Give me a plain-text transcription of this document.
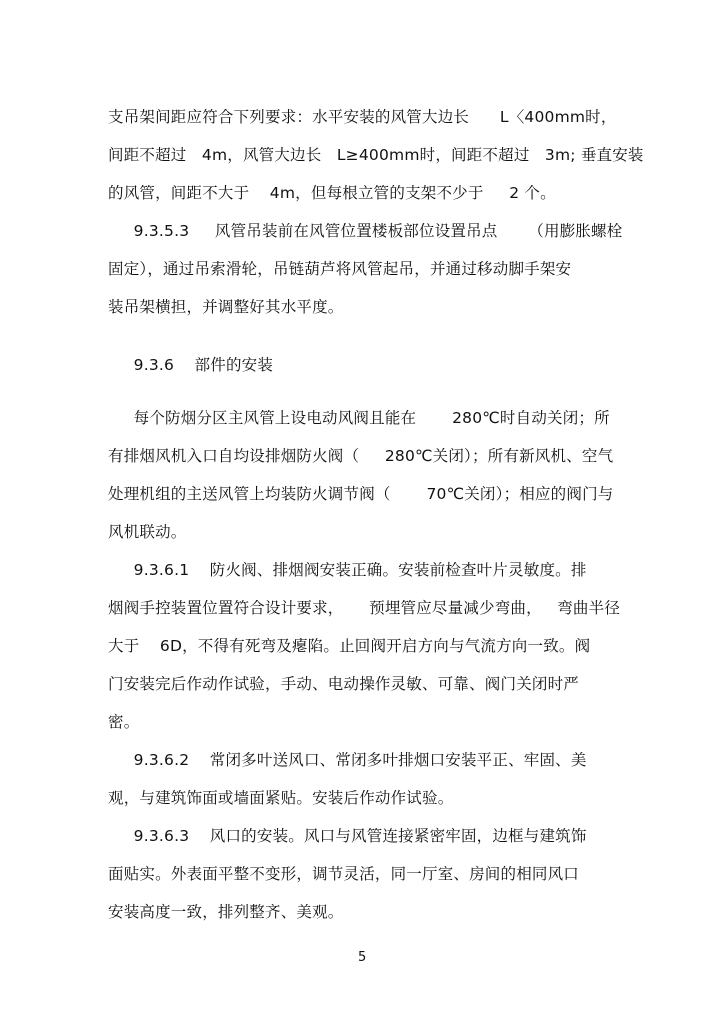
支吊架间距应符合下列要求：水平安装的风管大边长      L〈400mm时，
间距不超过   4m，风管大边长   L≥400mm时，间距不超过   3m; 垂直安装
的风管，间距不大于    4m，但每根立管的支架不少于     2 个。
9.3.5.3     风管吊装前在风管位置楼板部位设置吊点      （用膨胀螺栓
固定），通过吊索滑轮，吊链葫芦将风管起吊，并通过移动脚手架安
装吊架横担，并调整好其水平度。
9.3.6    部件的安装
每个防烟分区主风管上设电动风阀且能在       280℃时自动关闭；所
有排烟风机入口自均设排烟防火阀（     280℃关闭）；所有新风机、空气
处理机组的主送风管上均装防火调节阀（       70℃关闭）；相应的阀门与
风机联动。
9.3.6.1    防火阀、排烟阀安装正确。安装前检查叶片灵敏度。排
烟阀手控装置位置符合设计要求，     预埋管应尽量减少弯曲，   弯曲半径
大于    6D，不得有死弯及瘪陷。止回阀开启方向与气流方向一致。阀
门安装完后作动作试验，手动、电动操作灵敏、可靠、阀门关闭时严
密。
9.3.6.2    常闭多叶送风口、常闭多叶排烟口安装平正、牢固、美
观，与建筑饰面或墙面紧贴。安装后作动作试验。
9.3.6.3    风口的安装。风口与风管连接紧密牢固，边框与建筑饰
面贴实。外表面平整不变形，调节灵活，同一厅室、房间的相同风口
安装高度一致，排列整齐、美观。
5
